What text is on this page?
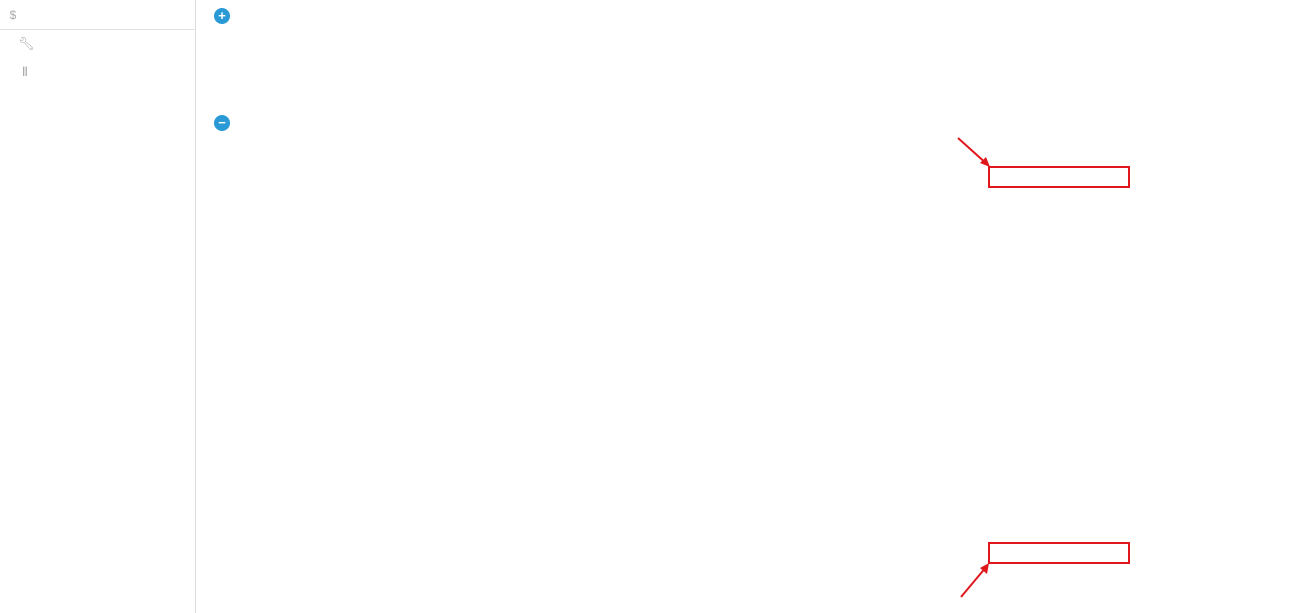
$
🔧︎
Ⅱ
+

−
